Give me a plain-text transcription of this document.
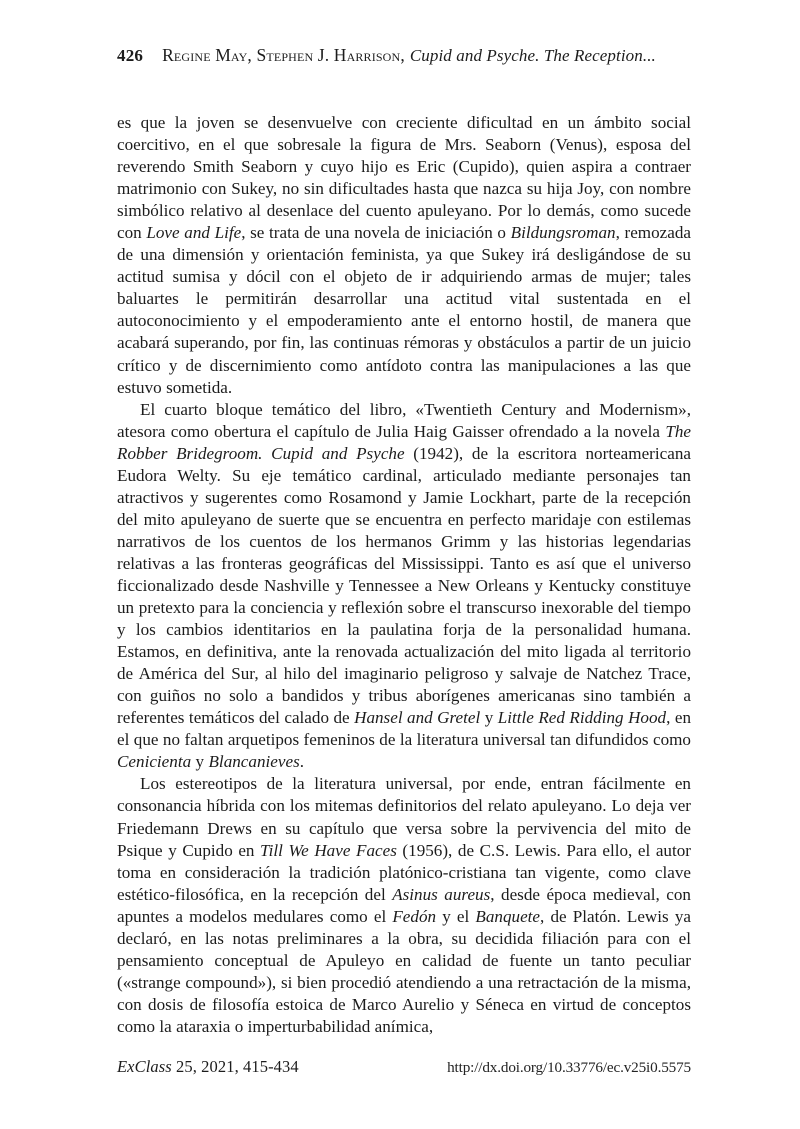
426 Regine May, Stephen J. Harrison, Cupid and Psyche. The Reception...

es que la joven se desenvuelve con creciente dificultad en un ámbito social coercitivo, en el que sobresale la figura de Mrs. Seaborn (Venus), esposa del reverendo Smith Seaborn y cuyo hijo es Eric (Cupido), quien aspira a contraer matrimonio con Sukey, no sin dificultades hasta que nazca su hija Joy, con nombre simbólico relativo al desenlace del cuento apuleyano. Por lo demás, como sucede con Love and Life, se trata de una novela de iniciación o Bildungsroman, remozada de una dimensión y orientación feminista, ya que Sukey irá desligándose de su actitud sumisa y dócil con el objeto de ir adquiriendo armas de mujer; tales baluartes le permitirán desarrollar una actitud vital sustentada en el autoconocimiento y el empoderamiento ante el entorno hostil, de manera que acabará superando, por fin, las continuas rémoras y obstáculos a partir de un juicio crítico y de discernimiento como antídoto contra las manipulaciones a las que estuvo sometida.

El cuarto bloque temático del libro, «Twentieth Century and Modernism», atesora como obertura el capítulo de Julia Haig Gaisser ofrendado a la novela The Robber Bridegroom. Cupid and Psyche (1942), de la escritora norteamericana Eudora Welty. Su eje temático cardinal, articulado mediante personajes tan atractivos y sugerentes como Rosamond y Jamie Lockhart, parte de la recepción del mito apuleyano de suerte que se encuentra en perfecto maridaje con estilemas narrativos de los cuentos de los hermanos Grimm y las historias legendarias relativas a las fronteras geográficas del Mississippi. Tanto es así que el universo ficcionalizado desde Nashville y Tennessee a New Orleans y Kentucky constituye un pretexto para la conciencia y reflexión sobre el transcurso inexorable del tiempo y los cambios identitarios en la paulatina forja de la personalidad humana. Estamos, en definitiva, ante la renovada actualización del mito ligada al territorio de América del Sur, al hilo del imaginario peligroso y salvaje de Natchez Trace, con guiños no solo a bandidos y tribus aborígenes americanas sino también a referentes temáticos del calado de Hansel and Gretel y Little Red Ridding Hood, en el que no faltan arquetipos femeninos de la literatura universal tan difundidos como Cenicienta y Blancanieves.

Los estereotipos de la literatura universal, por ende, entran fácilmente en consonancia híbrida con los mitemas definitorios del relato apuleyano. Lo deja ver Friedemann Drews en su capítulo que versa sobre la pervivencia del mito de Psique y Cupido en Till We Have Faces (1956), de C.S. Lewis. Para ello, el autor toma en consideración la tradición platónico-cristiana tan vigente, como clave estético-filosófica, en la recepción del Asinus aureus, desde época medieval, con apuntes a modelos medulares como el Fedón y el Banquete, de Platón. Lewis ya declaró, en las notas preliminares a la obra, su decidida filiación para con el pensamiento conceptual de Apuleyo en calidad de fuente un tanto peculiar («strange compound»), si bien procedió atendiendo a una retractación de la misma, con dosis de filosofía estoica de Marco Aurelio y Séneca en virtud de conceptos como la ataraxia o imperturbabilidad anímica,

ExClass 25, 2021, 415-434	http://dx.doi.org/10.33776/ec.v25i0.5575
